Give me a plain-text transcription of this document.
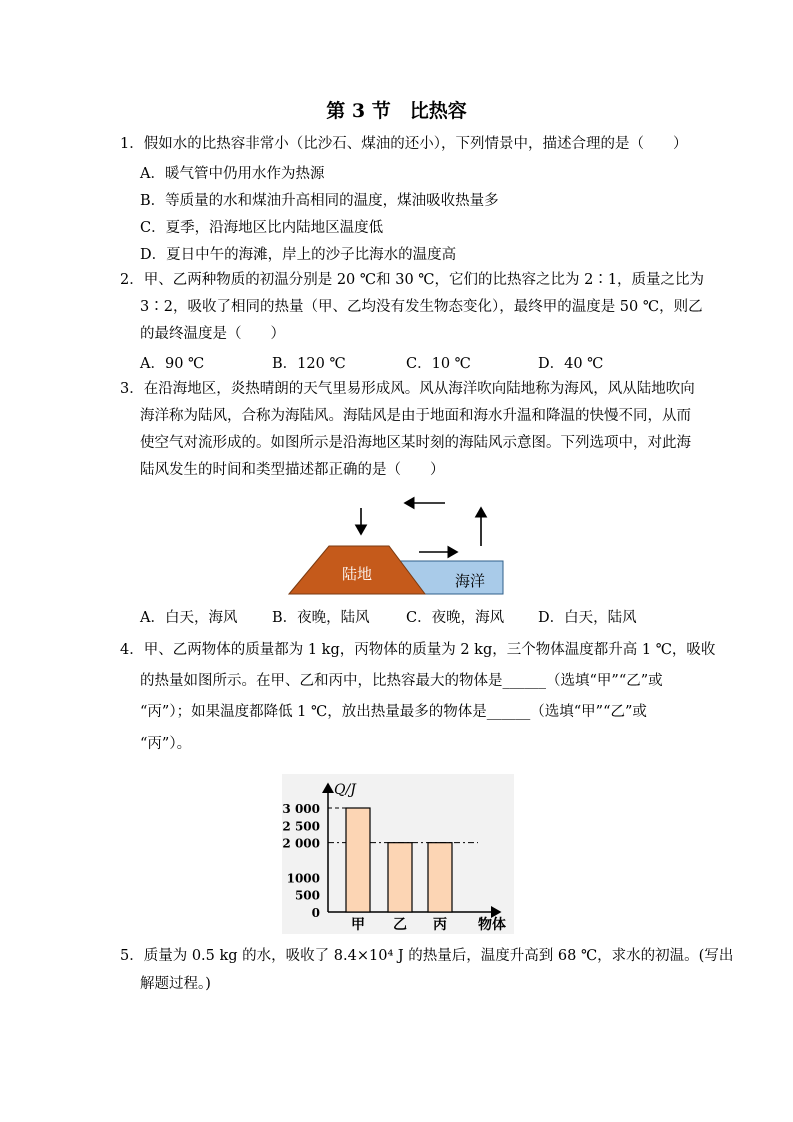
第 3 节　比热容
1．假如水的比热容非常小（比沙石、煤油的还小），下列情景中，描述合理的是（　　）
A．暖气管中仍用水作为热源
B．等质量的水和煤油升高相同的温度，煤油吸收热量多
C．夏季，沿海地区比内陆地区温度低
D．夏日中午的海滩，岸上的沙子比海水的温度高
2．甲、乙两种物质的初温分别是 20 ℃和 30 ℃，它们的比热容之比为 2∶1，质量之比为
3∶2，吸收了相同的热量（甲、乙均没有发生物态变化），最终甲的温度是 50 ℃，则乙
的最终温度是（　　）
A．90 ℃	B．120 ℃	C．10 ℃	D．40 ℃
3．在沿海地区，炎热晴朗的天气里易形成风。风从海洋吹向陆地称为海风，风从陆地吹向
海洋称为陆风，合称为海陆风。海陆风是由于地面和海水升温和降温的快慢不同，从而
使空气对流形成的。如图所示是沿海地区某时刻的海陆风示意图。下列选项中，对此海
陆风发生的时间和类型描述都正确的是（　　）
陆地	海洋
A．白天，海风 B．夜晚，陆风	C．夜晚，海风 D．白天，陆风
4．甲、乙两物体的质量都为 1 kg，丙物体的质量为 2 kg，三个物体温度都升高 1 ℃，吸收
的热量如图所示。在甲、乙和丙中，比热容最大的物体是______（选填“甲”“乙”或
“丙”）；如果温度都降低 1 ℃，放出热量最多的物体是______（选填“甲”“乙”或
“丙”）。
Q/J
3 000
2 500
2 000
1000
500
0
甲 乙 丙 物体
5．质量为 0.5 kg 的水，吸收了 8.4×10⁴ J 的热量后，温度升高到 68 ℃，求水的初温。(写出
解题过程。)
